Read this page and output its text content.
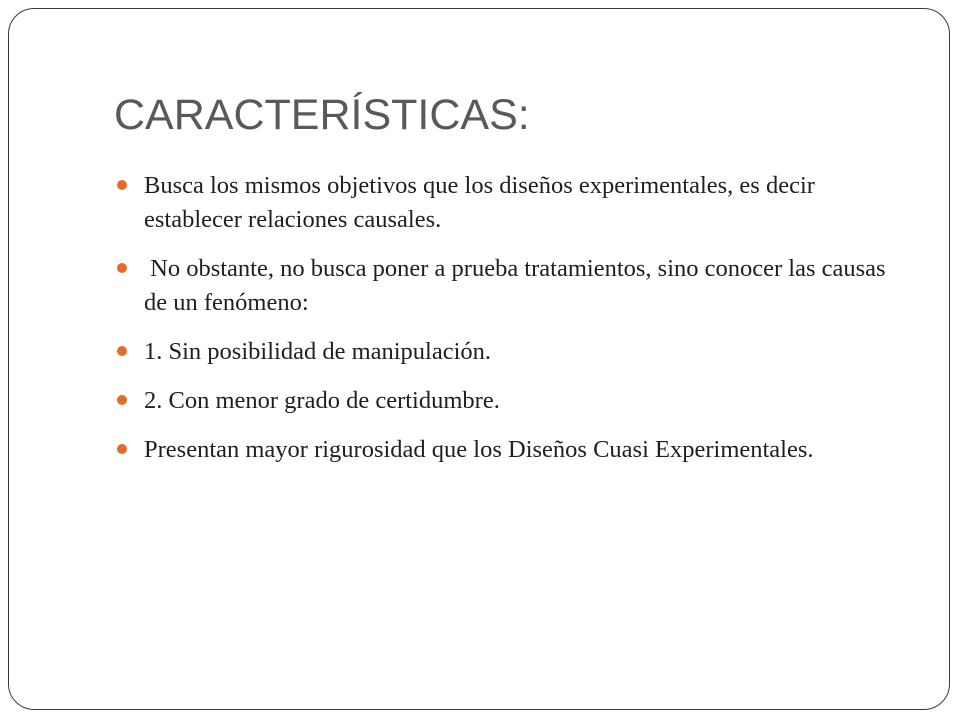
CARACTERÍSTICAS:
Busca los mismos objetivos que los diseños experimentales, es decir establecer relaciones causales.
No obstante, no busca poner a prueba tratamientos, sino conocer las causas de un fenómeno:
1. Sin posibilidad de manipulación.
2. Con menor grado de certidumbre.
Presentan mayor rigurosidad que los Diseños Cuasi Experimentales.
